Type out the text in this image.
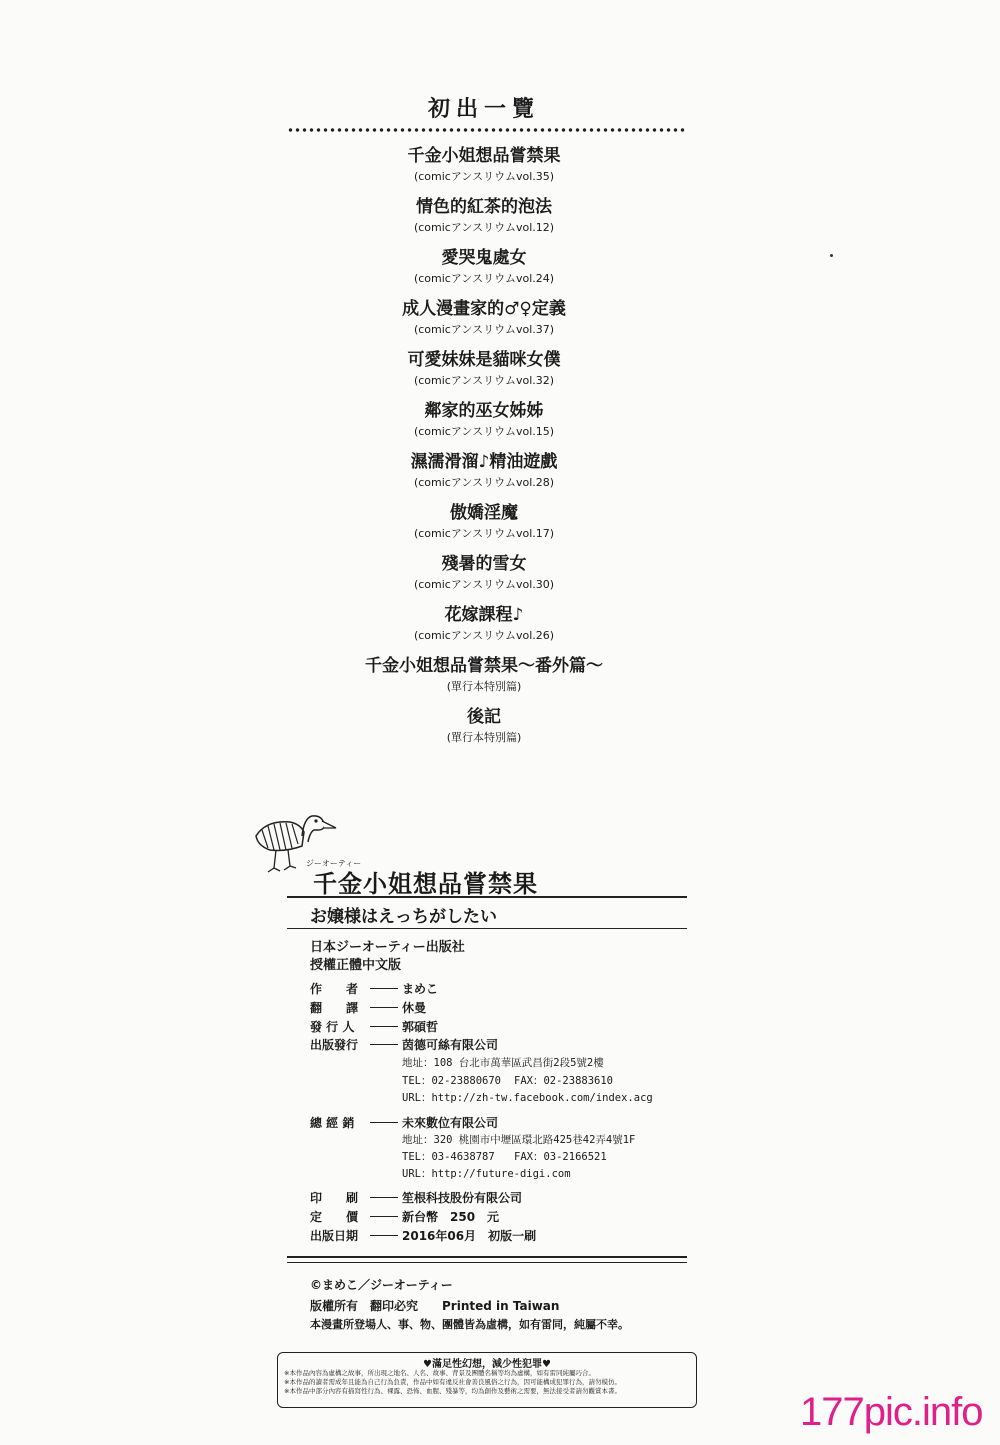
初出一覽
千金小姐想品嘗禁果
(comicアンスリウムvol.35)
情色的紅茶的泡法
(comicアンスリウムvol.12)
愛哭鬼處女
(comicアンスリウムvol.24)
成人漫畫家的♂♀定義
(comicアンスリウムvol.37)
可愛妹妹是貓咪女僕
(comicアンスリウムvol.32)
鄰家的巫女姊姊
(comicアンスリウムvol.15)
濕濡滑溜♪精油遊戲
(comicアンスリウムvol.28)
傲嬌淫魔
(comicアンスリウムvol.17)
殘暑的雪女
(comicアンスリウムvol.30)
花嫁課程♪
(comicアンスリウムvol.26)
千金小姐想品嘗禁果～番外篇～
(單行本特別篇)
後記
(單行本特別篇)
ジーオーティー
千金小姐想品嘗禁果
お嬢様はえっちがしたい
日本ジーオーティー出版社
授權正體中文版
作　　者	まめこ
翻　　譯	休曼
發 行 人	郭碩哲
出版發行	茵德可絲有限公司
地址：108 台北市萬華區武昌街2段5號2樓
TEL：02-23880670 FAX：02-23883610
URL：http://zh-tw.facebook.com/index.acg
總 經 銷	未來數位有限公司
地址：320 桃園市中壢區環北路425巷42弄4號1F
TEL：03-4638787 FAX：03-2166521
URL：http://future-digi.com
印　　刷	笙根科技股份有限公司
定　　價	新台幣　250　元
出版日期	2016年06月　初版一刷
©まめこ／ジーオーティー
版權所有　翻印必究　　Printed in Taiwan
本漫畫所登場人、事、物、團體皆為虛構，如有雷同，純屬不幸。
♥滿足性幻想，減少性犯罪♥
※本作品內容為虛構之故事，所出現之地名、人名、故事、背景及團體名稱等均為虛構，如有雷同純屬巧合。
※本作品的讀者需成年且能為自己行為負責，作品中如有違反社會善良風俗之行為，因可能構成犯罪行為，請勿模仿。
※本作品中部分內容有描寫性行為、裸露、恐怖、血腥、殘暴等，均為創作及藝術之需要，無法接受者請勿觀賞本書。	177pic.info
